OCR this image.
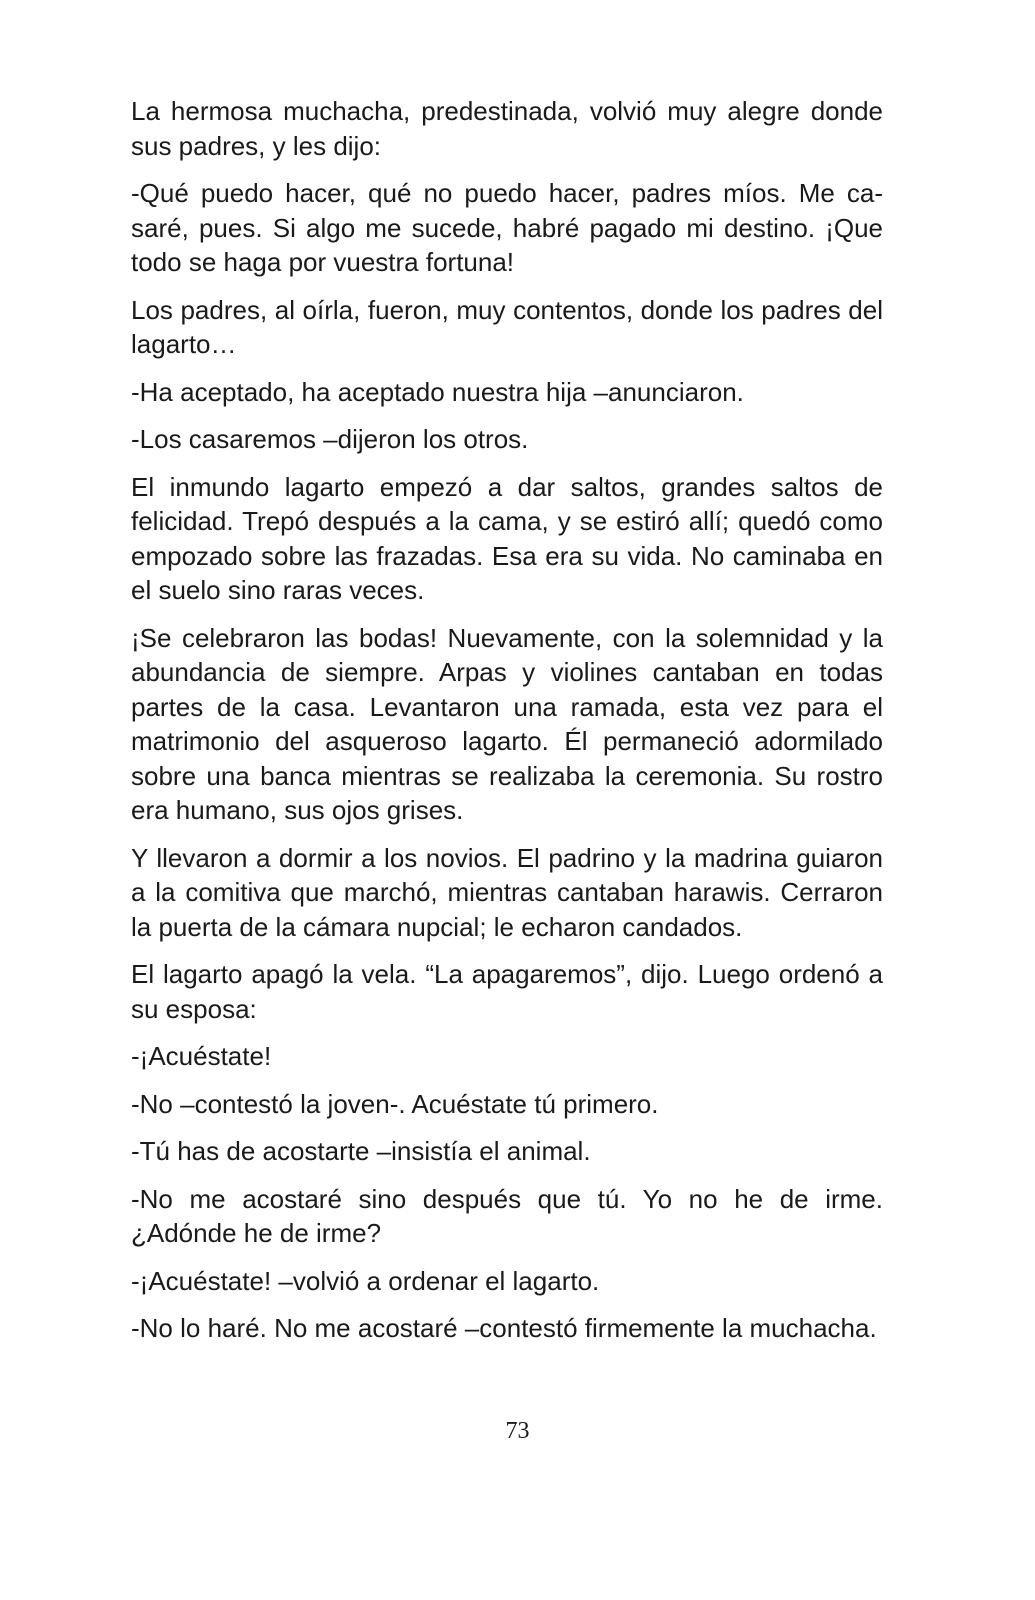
La hermosa muchacha, predestinada, volvió muy alegre donde sus padres, y les dijo:

-Qué puedo hacer, qué no puedo hacer, padres míos. Me casaré, pues. Si algo me sucede, habré pagado mi destino. ¡Que todo se haga por vuestra fortuna!

Los padres, al oírla, fueron, muy contentos, donde los padres del lagarto…

-Ha aceptado, ha aceptado nuestra hija –anunciaron.

-Los casaremos –dijeron los otros.

El inmundo lagarto empezó a dar saltos, grandes saltos de felicidad. Trepó después a la cama, y se estiró allí; quedó como empozado sobre las frazadas. Esa era su vida. No caminaba en el suelo sino raras veces.

¡Se celebraron las bodas! Nuevamente, con la solemnidad y la abundancia de siempre. Arpas y violines cantaban en todas partes de la casa. Levantaron una ramada, esta vez para el matrimonio del asqueroso lagarto. Él permaneció adormilado sobre una banca mientras se realizaba la ceremonia. Su rostro era humano, sus ojos grises.

Y llevaron a dormir a los novios. El padrino y la madrina guiaron a la comitiva que marchó, mientras cantaban harawis. Cerraron la puerta de la cámara nupcial; le echaron candados.

El lagarto apagó la vela. “La apagaremos”, dijo. Luego ordenó a su esposa:

-¡Acuéstate!

-No –contestó la joven-. Acuéstate tú primero.

-Tú has de acostarte –insistía el animal.

-No me acostaré sino después que tú. Yo no he de irme. ¿Adónde he de irme?

-¡Acuéstate! –volvió a ordenar el lagarto.

-No lo haré. No me acostaré –contestó firmemente la muchacha.

73
